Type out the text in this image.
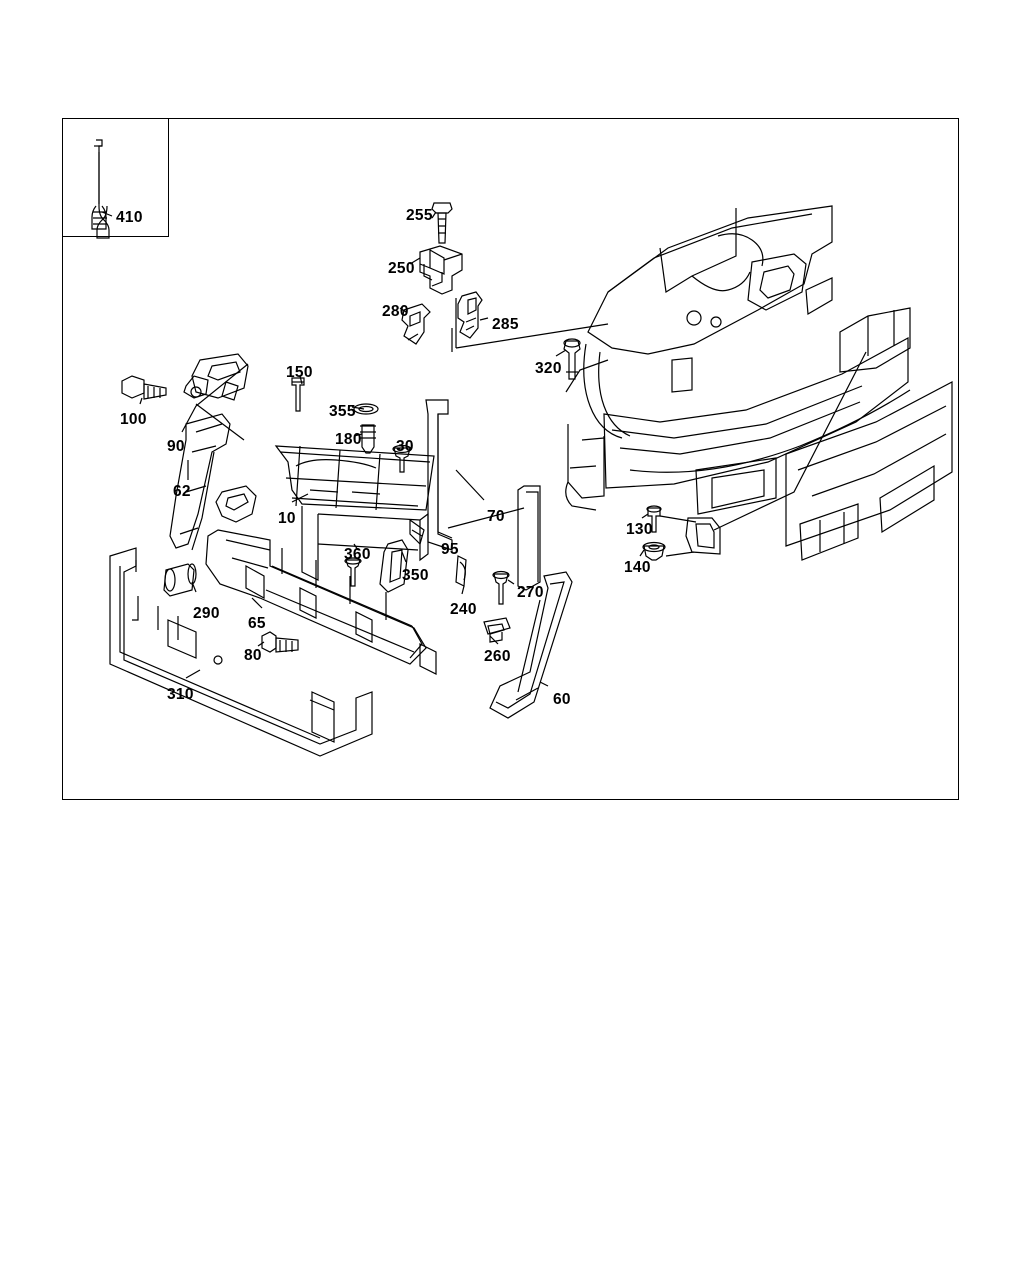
410	255
250
280
285
320
150
100
90
355
180 30
62
10	70
95
360
350
240
270
130
140
290
65
80	260
310	60
